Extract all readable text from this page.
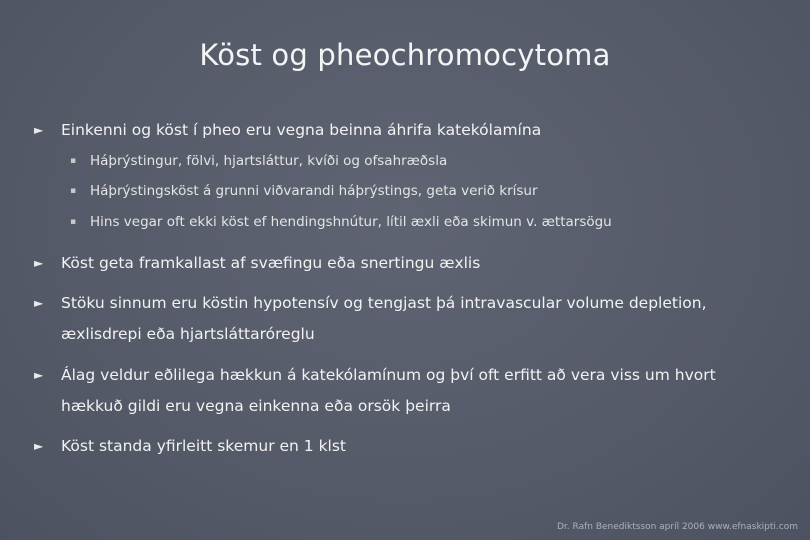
Köst og pheochromocytoma
► Einkenni og köst í pheo eru vegna beinna áhrifa katekólamína
▪ Háþrýstingur, fölvi, hjartsláttur, kvíði og ofsahræðsla
▪ Háþrýstingsköst á grunni viðvarandi háþrýstings, geta verið krísur
▪ Hins vegar oft ekki köst ef hendingshnútur, lítil æxli eða skimun v. ættarsögu
► Köst geta framkallast af svæfingu eða snertingu æxlis
► Stöku sinnum eru köstin hypotensív og tengjast þá intravascular volume depletion,
æxlisdrepi eða hjartsláttaróreglu
► Álag veldur eðlilega hækkun á katekólamínum og því oft erfitt að vera viss um hvort
hækkuð gildi eru vegna einkenna eða orsök þeirra
► Köst standa yfirleitt skemur en 1 klst
Dr. Rafn Benediktsson apríl 2006 www.efnaskipti.com
